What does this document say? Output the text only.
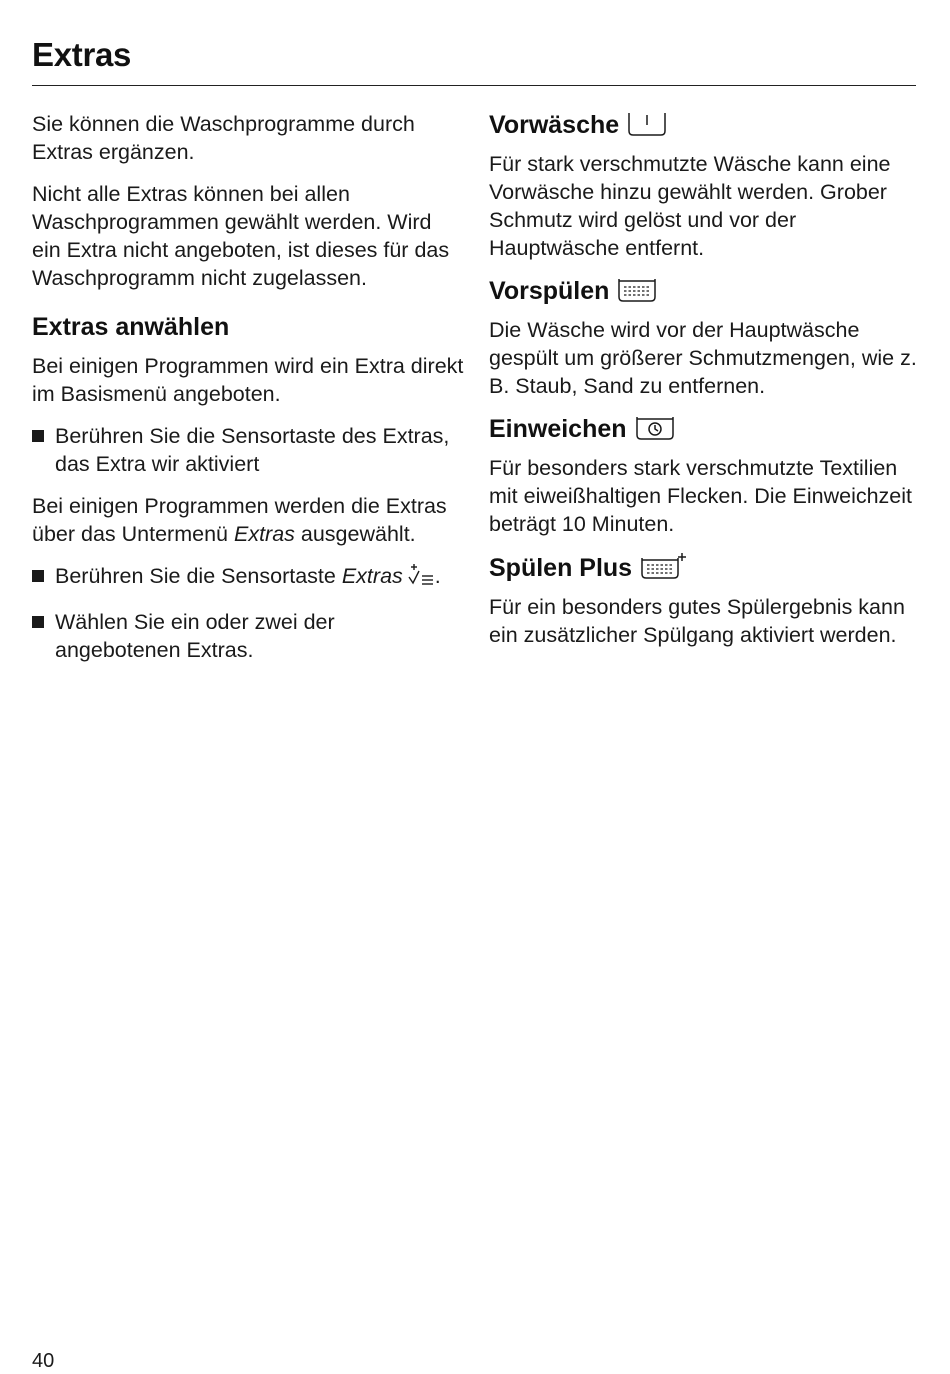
Extras

Sie können die Waschprogramme durch Extras ergänzen.

Nicht alle Extras können bei allen Waschprogrammen gewählt werden. Wird ein Extra nicht angeboten, ist dieses für das Waschprogramm nicht zugelassen.

Extras anwählen

Bei einigen Programmen wird ein Extra direkt im Basismenü angeboten.

Berühren Sie die Sensortaste des Extras, das Extra wir aktiviert

Bei einigen Programmen werden die Extras über das Untermenü Extras ausgewählt.

Berühren Sie die Sensortaste Extras .
Wählen Sie ein oder zwei der angebotenen Extras.
Vorwäsche

Für stark verschmutzte Wäsche kann eine Vorwäsche hinzu gewählt werden. Grober Schmutz wird gelöst und vor der Hauptwäsche entfernt.

Vorspülen

Die Wäsche wird vor der Hauptwäsche gespült um größerer Schmutzmengen, wie z. B. Staub, Sand zu entfernen.

Einweichen

Für besonders stark verschmutzte Textilien mit eiweißhaltigen Flecken. Die Einweichzeit beträgt 10 Minuten.

Spülen Plus

Für ein besonders gutes Spülergebnis kann ein zusätzlicher Spülgang aktiviert werden.

40
